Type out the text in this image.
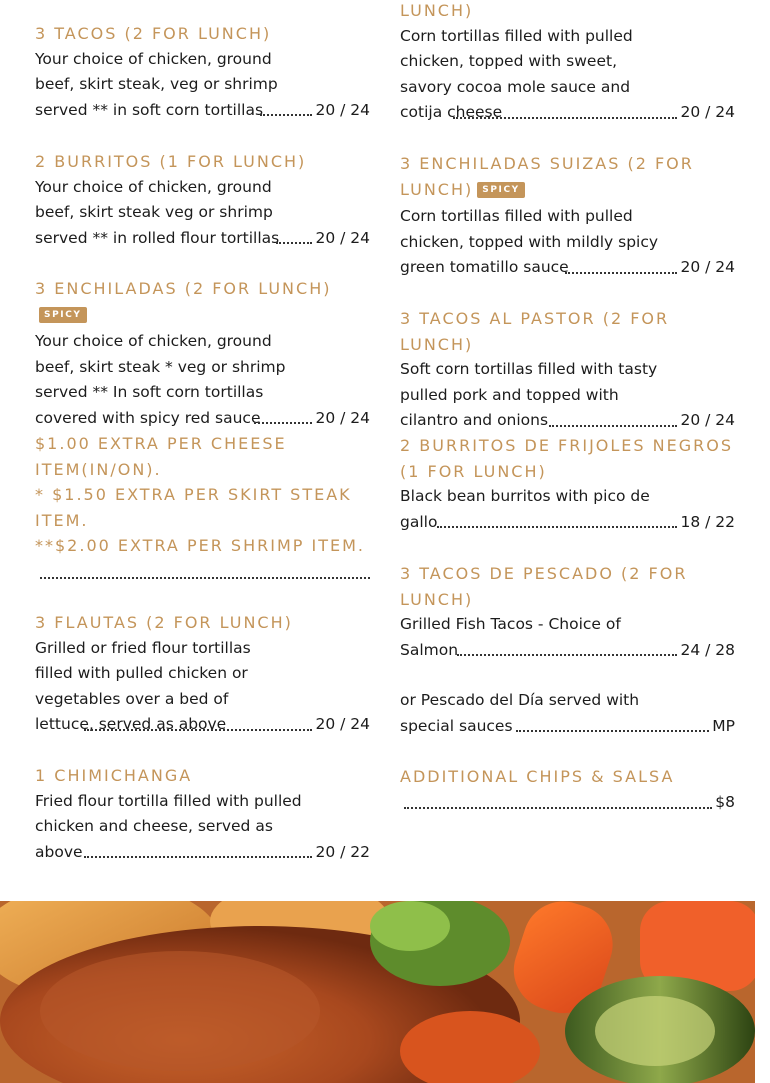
3 TACOS (2 FOR LUNCH)
Your choice of chicken, ground beef, skirt steak, veg or shrimp served ** in soft corn tortillas	20 / 24
2 BURRITOS (1 FOR LUNCH)
Your choice of chicken, ground beef, skirt steak veg or shrimp served ** in rolled flour tortillas	20 / 24
3 ENCHILADAS (2 FOR LUNCH)SPICY
Your choice of chicken, ground beef, skirt steak * veg or shrimp served ** In soft corn tortillas covered with spicy red sauce	20 / 24
$1.00 EXTRA PER CHEESE ITEM(IN/ON).
* $1.50 EXTRA PER SKIRT STEAK ITEM.
**$2.00 EXTRA PER SHRIMP ITEM.
3 FLAUTAS (2 FOR LUNCH)
Grilled or fried flour tortillas filled with pulled chicken or vegetables over a bed of lettuce, served as above	20 / 24
1 CHIMICHANGA
Fried flour tortilla filled with pulled chicken and cheese, served as above	20 / 22
LUNCH)
Corn tortillas filled with pulled chicken, topped with sweet, savory cocoa mole sauce and cotija cheese	20 / 24
3 ENCHILADAS SUIZAS (2 FOR LUNCH) SPICY
Corn tortillas filled with pulled chicken, topped with mildly spicy green tomatillo sauce	20 / 24
3 TACOS AL PASTOR (2 FOR LUNCH)
Soft corn tortillas filled with tasty pulled pork and topped with cilantro and onions	20 / 24
2 BURRITOS DE FRIJOLES NEGROS (1 FOR LUNCH)
Black bean burritos with pico de gallo	18 / 22
3 TACOS DE PESCADO (2 FOR LUNCH)
Grilled Fish Tacos - Choice of Salmon	24 / 28
or Pescado del Día served with special sauces	MP
ADDITIONAL CHIPS & SALSA
$8
